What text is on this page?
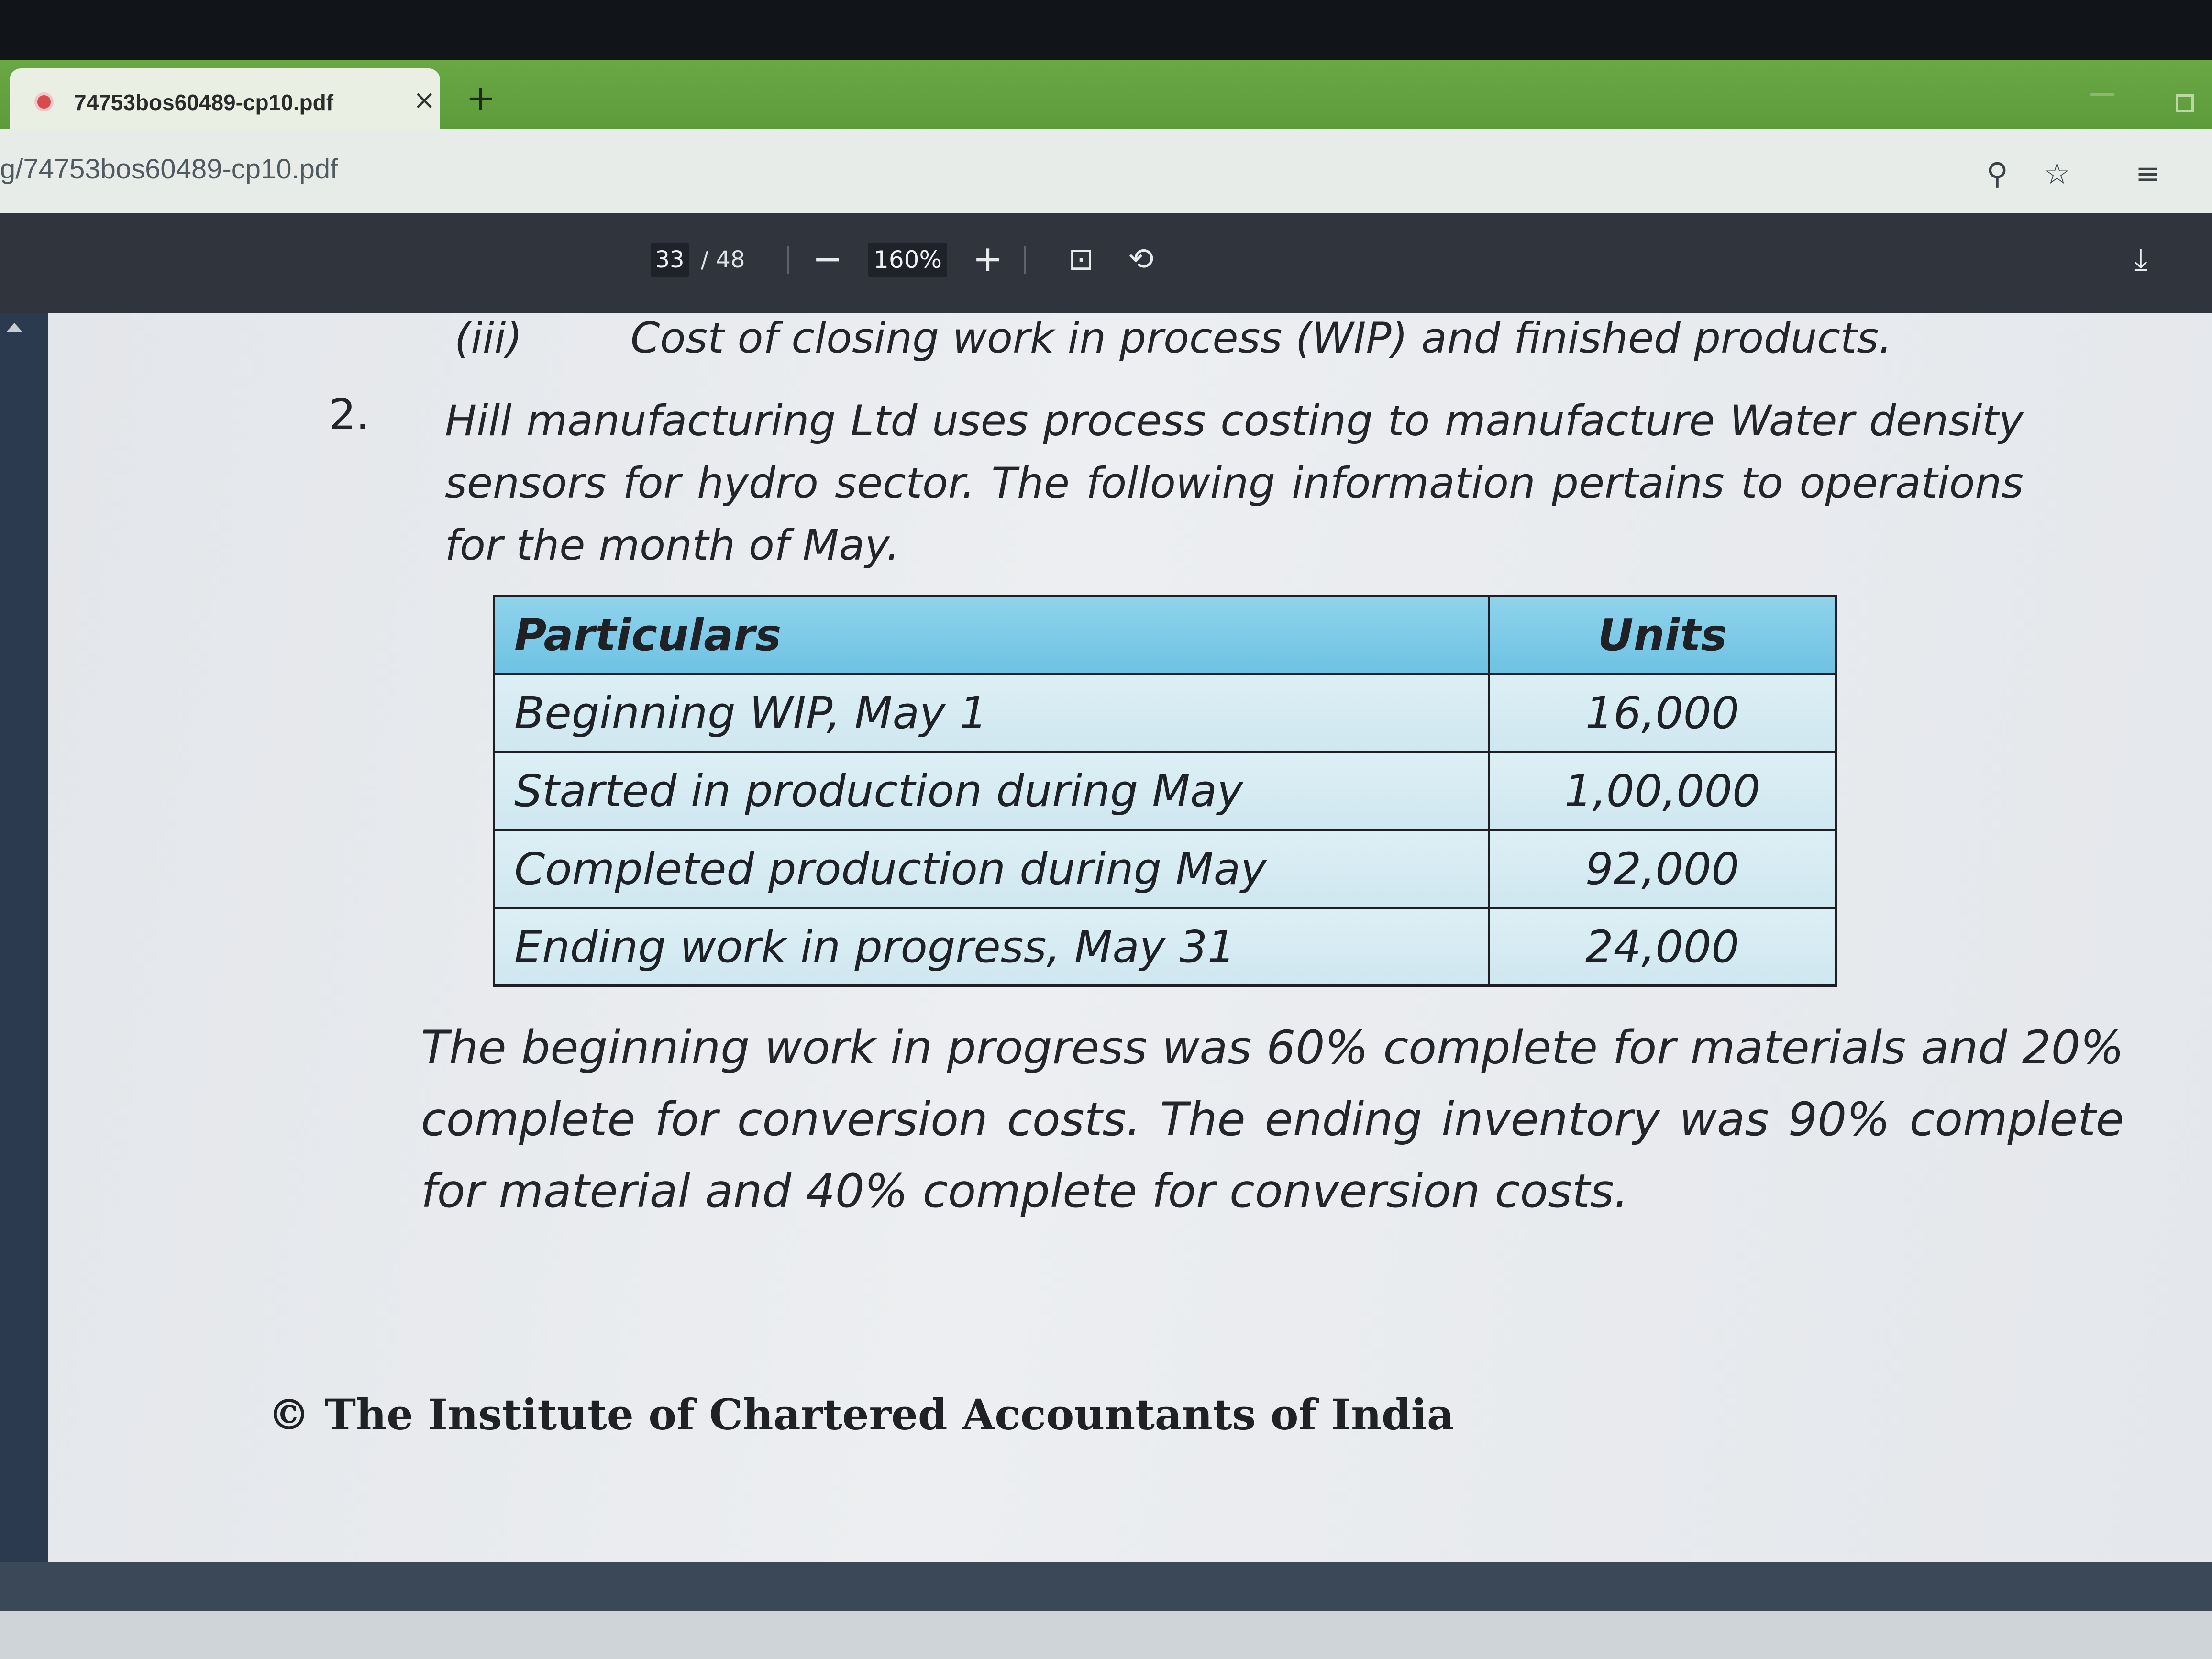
74753bos60489-cp10.pdf	× +
g/74753bos60489-cp10.pdf	⚲ ☆ ≡
33 / 48 − 160% + ⊡ ⟲	⤓
(iii)	Cost of closing work in process (WIP) and finished products.
2. Hill manufacturing Ltd uses process costing to manufacture Water density sensors for hydro sector. The following information pertains to operations for the month of May.
Particulars	Units
Beginning WIP, May 1	16,000
Started in production during May	1,00,000
Completed production during May	92,000
Ending work in progress, May 31	24,000
The beginning work in progress was 60% complete for materials and 20% complete for conversion costs. The ending inventory was 90% complete for material and 40% complete for conversion costs.
© The Institute of Chartered Accountants of India
